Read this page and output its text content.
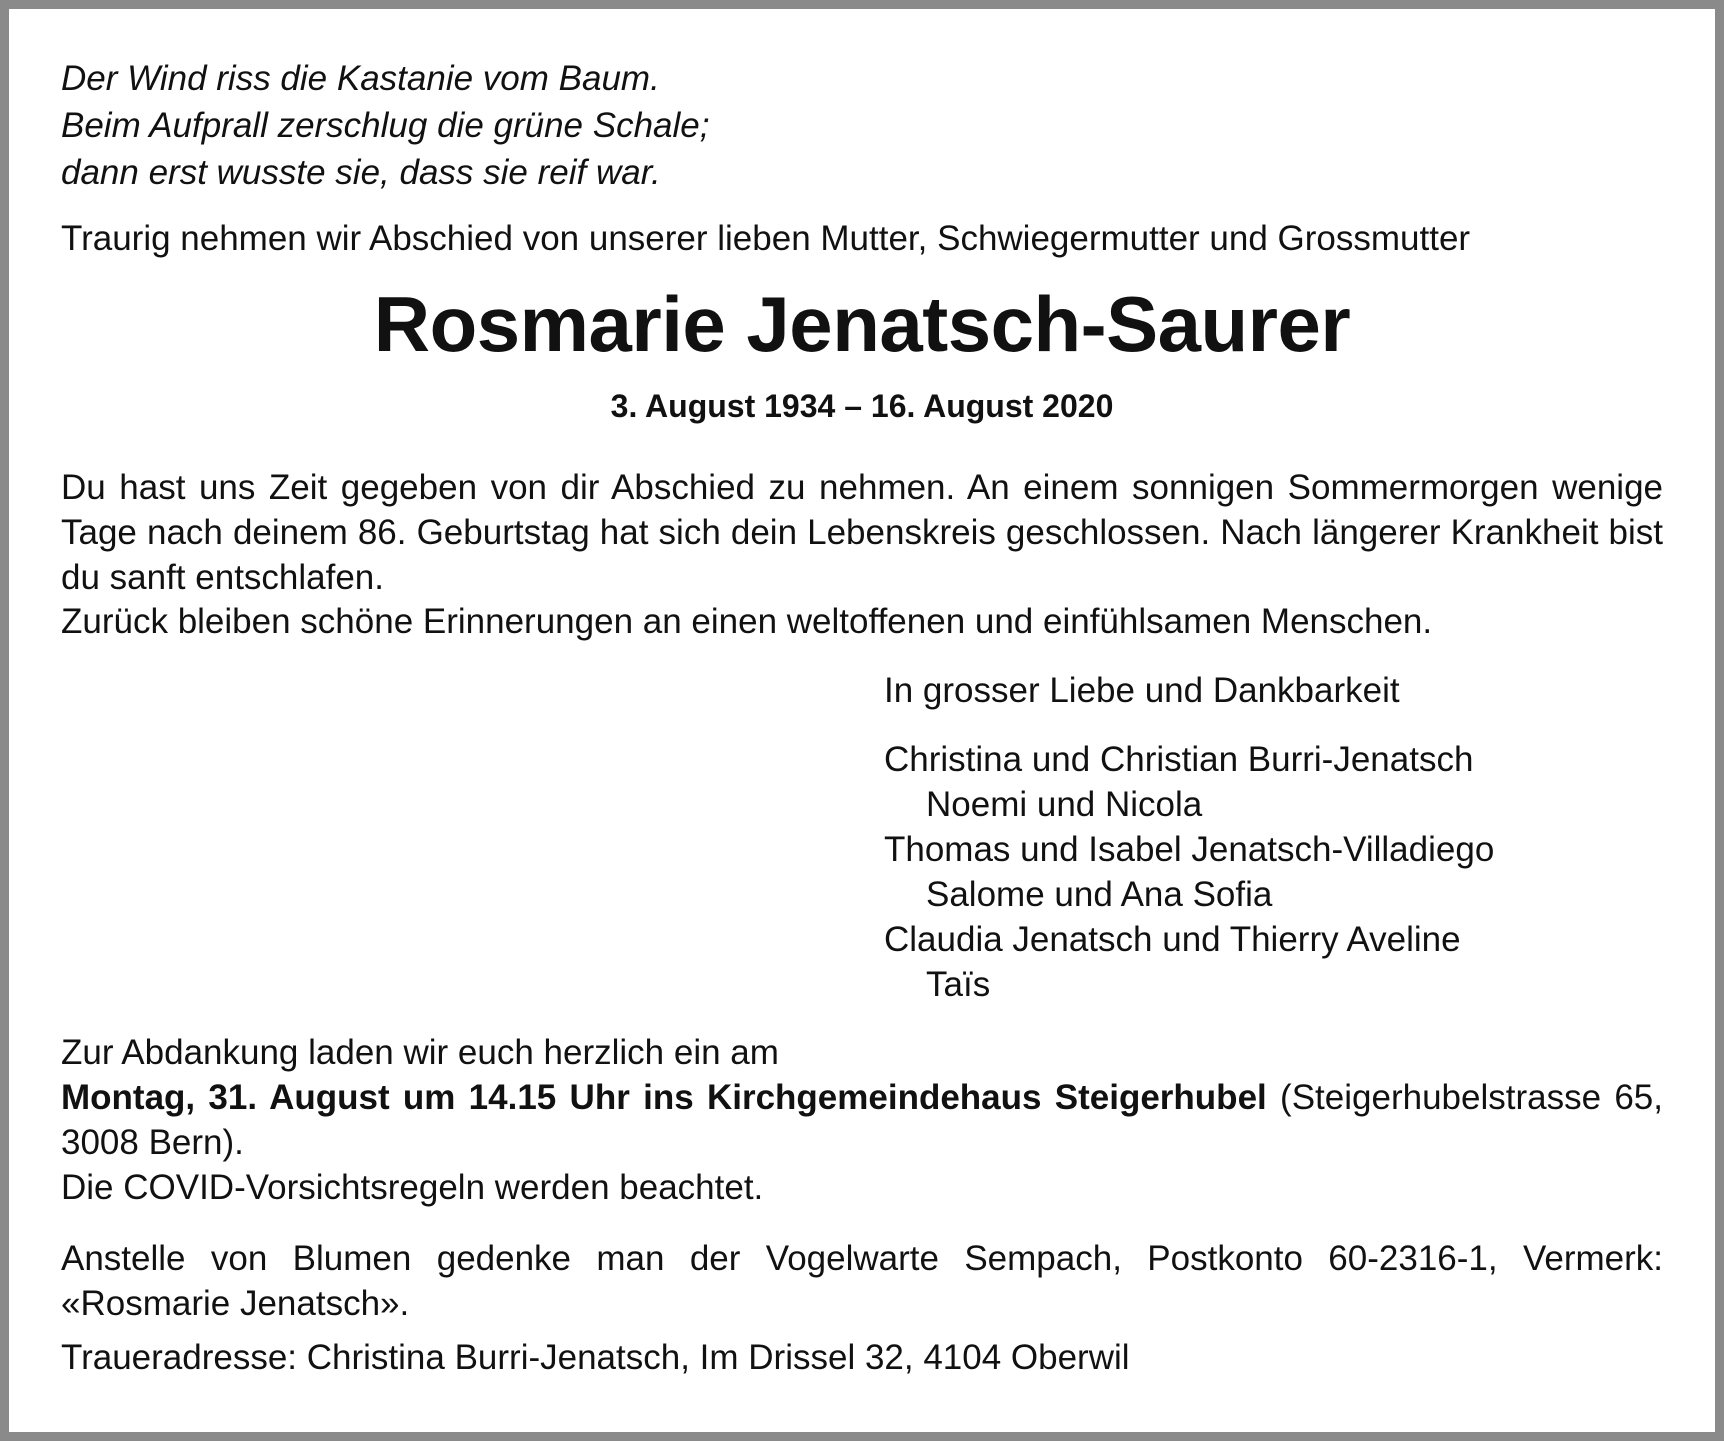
Der Wind riss die Kastanie vom Baum.
Beim Aufprall zerschlug die grüne Schale;
dann erst wusste sie, dass sie reif war.
Traurig nehmen wir Abschied von unserer lieben Mutter, Schwiegermutter und Grossmutter
Rosmarie Jenatsch-Saurer
3. August 1934 – 16. August 2020
Du hast uns Zeit gegeben von dir Abschied zu nehmen. An einem sonnigen Sommermorgen wenige Tage nach deinem 86. Geburtstag hat sich dein Lebenskreis geschlossen. Nach längerer Krankheit bist du sanft entschlafen.
Zurück bleiben schöne Erinnerungen an einen weltoffenen und einfühlsamen Menschen.
In grosser Liebe und Dankbarkeit
Christina und Christian Burri-Jenatsch
Noemi und Nicola
Thomas und Isabel Jenatsch-Villadiego
Salome und Ana Sofia
Claudia Jenatsch und Thierry Aveline
Taïs
Zur Abdankung laden wir euch herzlich ein am
Montag, 31. August um 14.15 Uhr ins Kirchgemeindehaus Steigerhubel (Steigerhubelstrasse 65, 3008 Bern).
Die COVID-Vorsichtsregeln werden beachtet.
Anstelle von Blumen gedenke man der Vogelwarte Sempach, Postkonto 60-2316-1, Vermerk: «Rosmarie Jenatsch».
Traueradresse: Christina Burri-Jenatsch, Im Drissel 32, 4104 Oberwil
